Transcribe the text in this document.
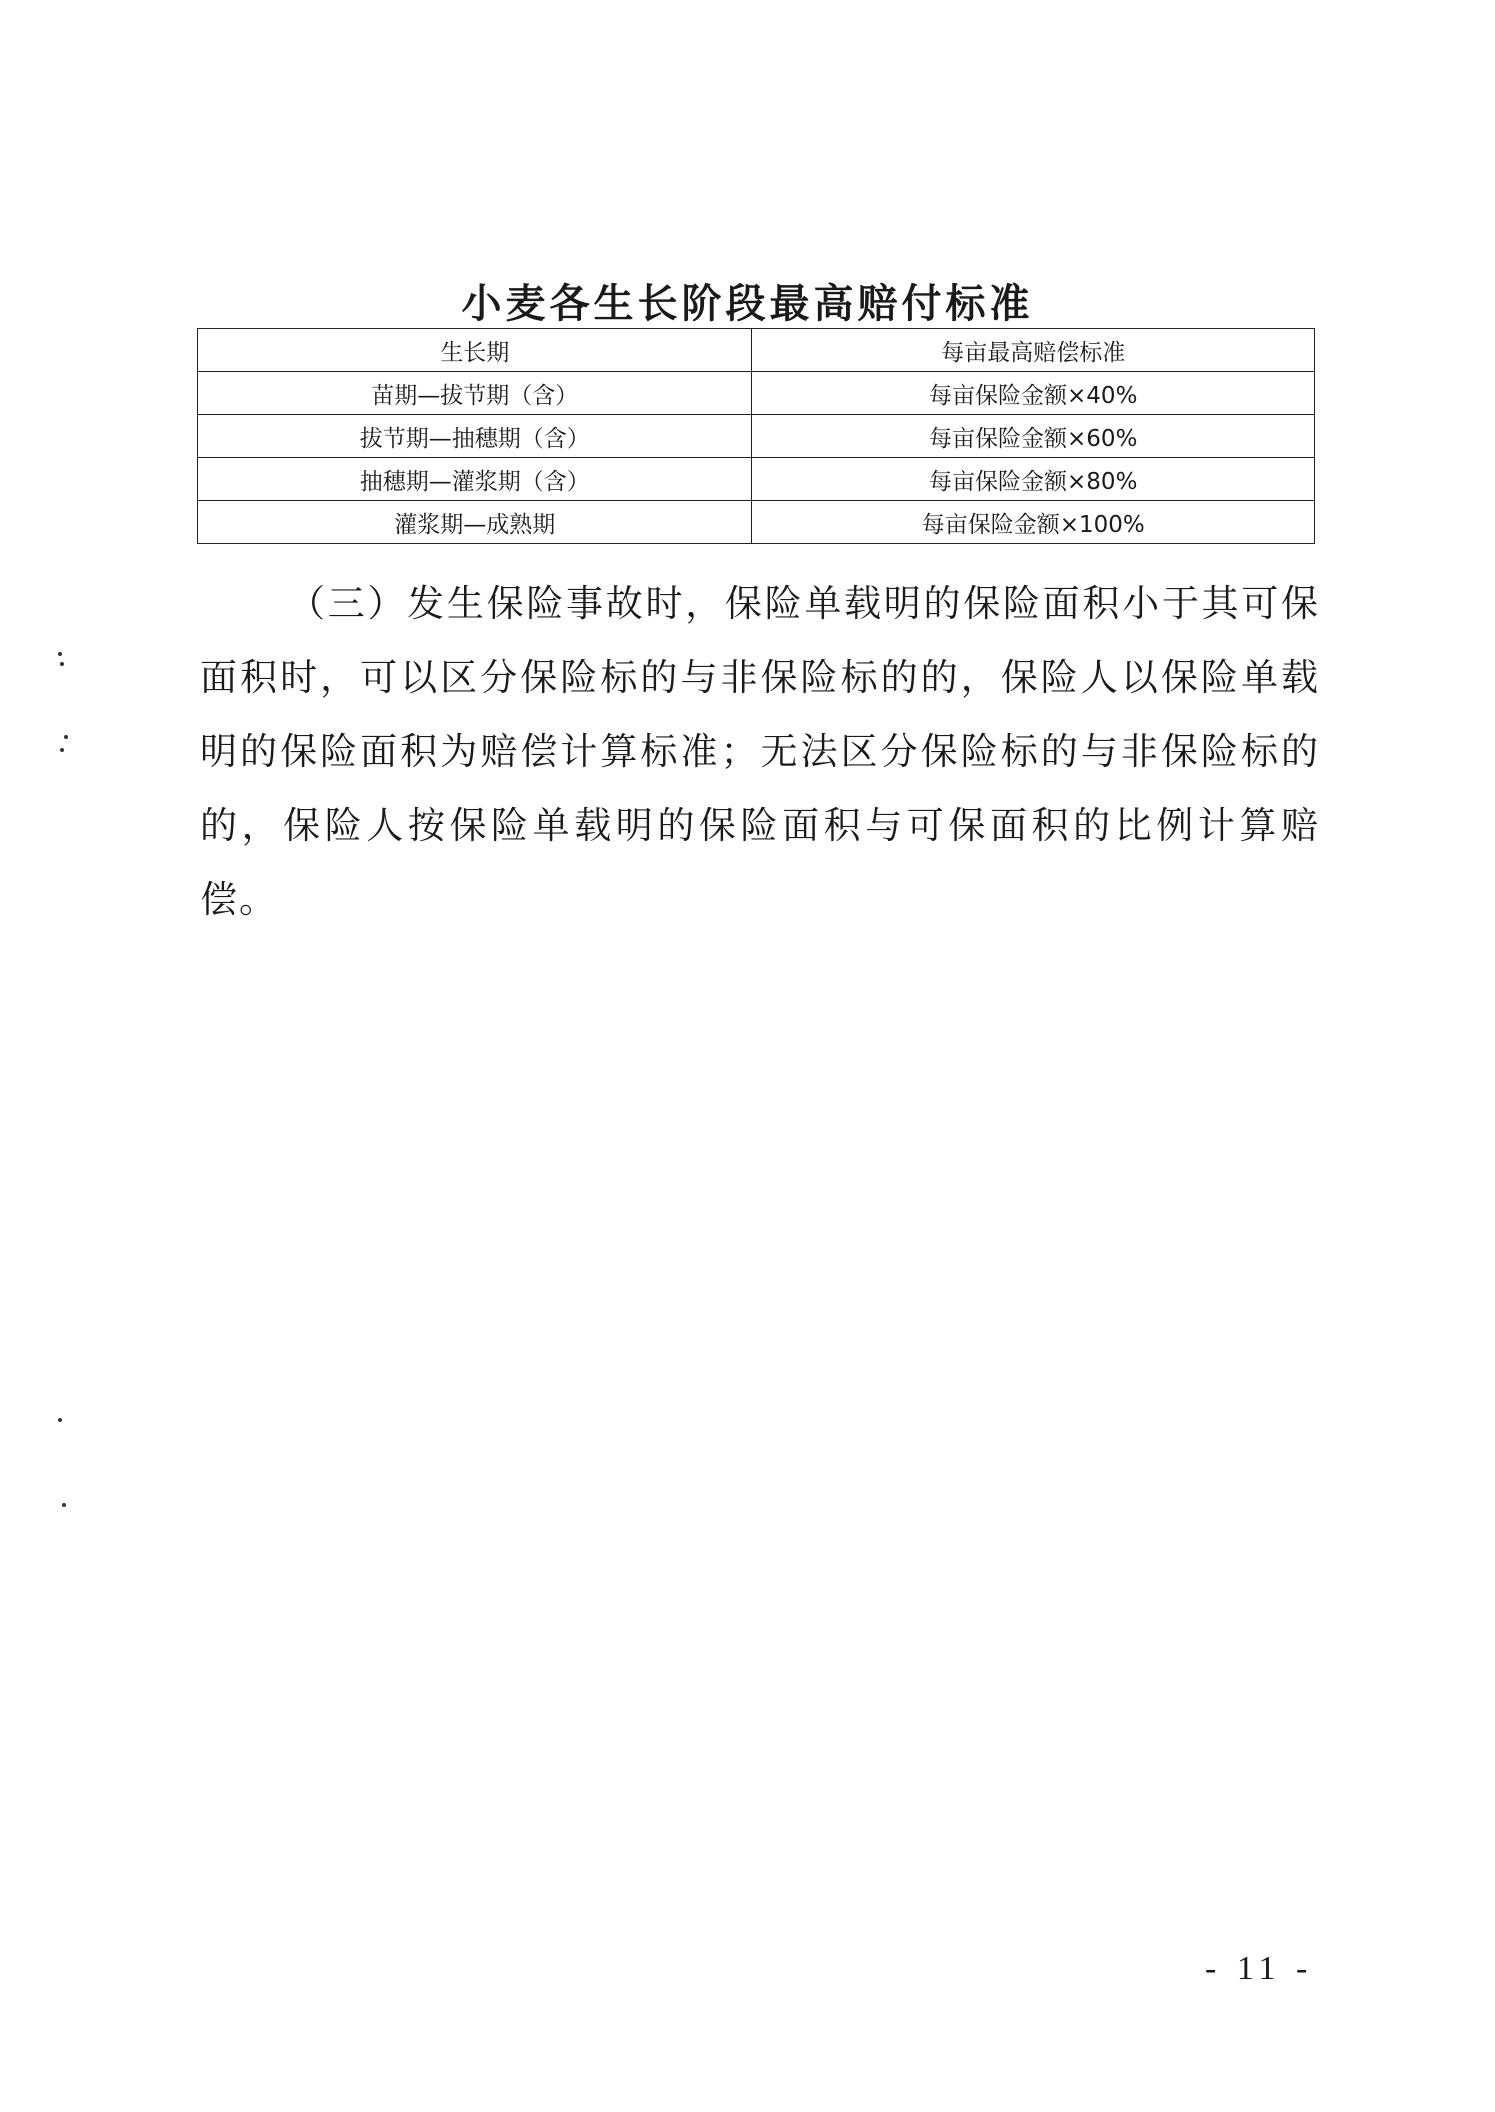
小麦各生长阶段最高赔付标准
生长期	每亩最高赔偿标准
苗期—拔节期（含）	每亩保险金额×40%
拔节期—抽穗期（含）	每亩保险金额×60%
抽穗期—灌浆期（含）	每亩保险金额×80%
灌浆期—成熟期	每亩保险金额×100%

（三）发生保险事故时，保险单载明的保险面积小于其可保面积时，可以区分保险标的与非保险标的的，保险人以保险单载明的保险面积为赔偿计算标准；无法区分保险标的与非保险标的的，保险人按保险单载明的保险面积与可保面积的比例计算赔偿。

- 11 -
